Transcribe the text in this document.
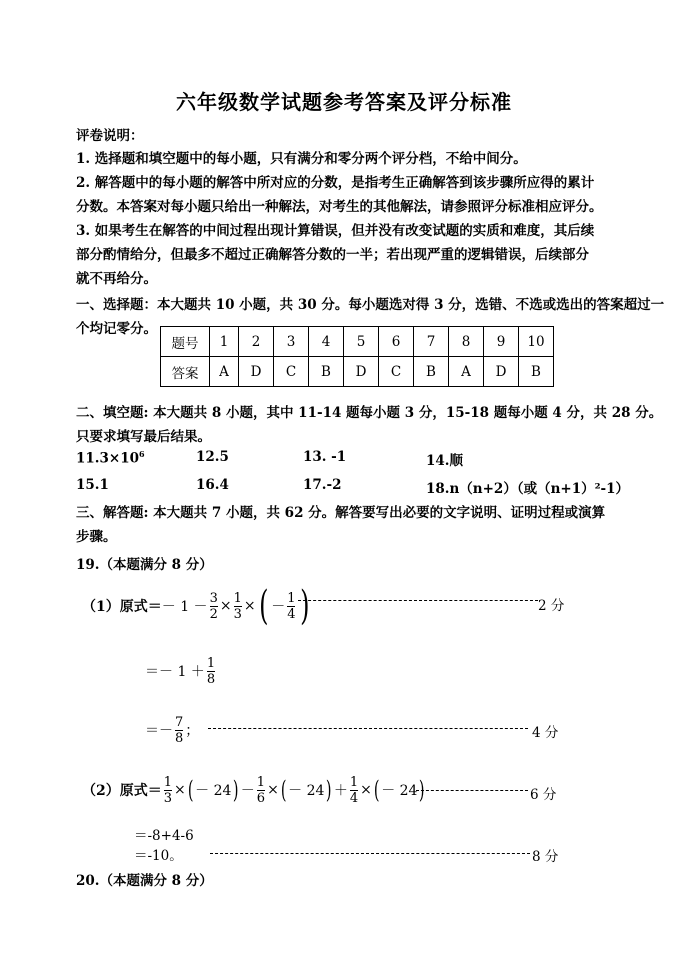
六年级数学试题参考答案及评分标准
评卷说明：
1. 选择题和填空题中的每小题，只有满分和零分两个评分档，不给中间分。
2. 解答题中的每小题的解答中所对应的分数，是指考生正确解答到该步骤所应得的累计
分数。本答案对每小题只给出一种解法，对考生的其他解法，请参照评分标准相应评分。
3. 如果考生在解答的中间过程出现计算错误，但并没有改变试题的实质和难度，其后续
部分酌情给分，但最多不超过正确解答分数的一半；若出现严重的逻辑错误，后续部分
就不再给分。
一、选择题：本大题共 10 小题，共 30 分。每小题选对得 3 分，选错、不选或选出的答案超过一
个均记零分。
题号	1	2	3	4	5	6	7	8	9	10
答案	A	D	C	B	D	C	B	A	D	B
二、填空题: 本大题共 8 小题，其中 11-14 题每小题 3 分，15-18 题每小题 4 分，共 28 分。
只要求填写最后结果。
$11.3\times 10^6$	12.5	13. -1	14.顺
15.1	16.4	17.-2	18.n（n+2）（或（n+1）²-1）
三、解答题: 本大题共 7 小题，共 62 分。解答要写出必要的文字说明、证明过程或演算
步骤。
19.（本题满分 8 分）
（1）原式＝ － $1 - \frac{3}{2} \times \frac{1}{3}$ × ( － $\frac{1}{4}$ )	2 分
＝－ $1 + \frac{1}{8}$
＝－ $\frac{7}{8}$ ；	4 分
（2）原式＝ $\frac{1}{3}$ × ( － 24 ) － $\frac{1}{6}$ × ( － 24 ) ＋ $\frac{1}{4}$ × ( － 24 )	6 分
＝-8+4-6
＝-10。	8 分
20.（本题满分 8 分）
